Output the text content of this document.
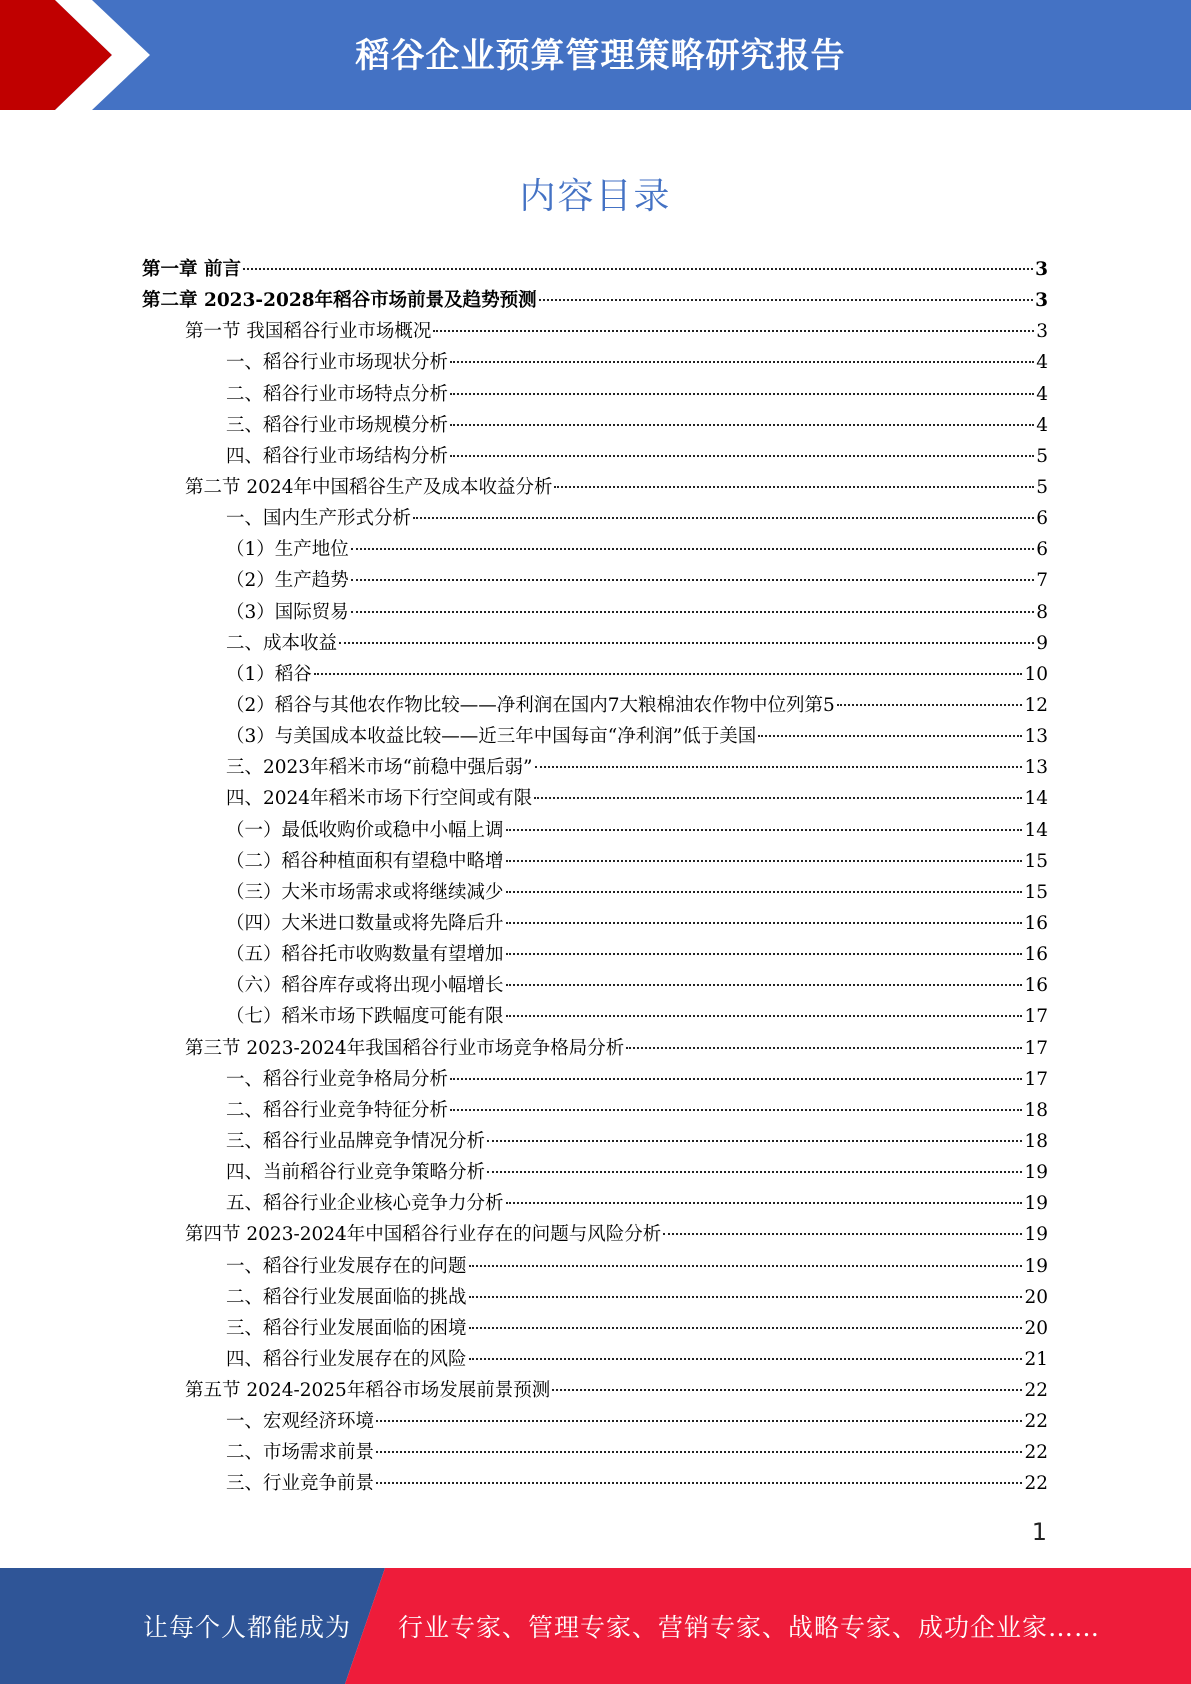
稻谷企业预算管理策略研究报告
内容目录
第一章 前言	3
第二章 2023-2028年稻谷市场前景及趋势预测	3
第一节 我国稻谷行业市场概况	3
一、稻谷行业市场现状分析	4
二、稻谷行业市场特点分析	4
三、稻谷行业市场规模分析	4
四、稻谷行业市场结构分析	5
第二节 2024年中国稻谷生产及成本收益分析	5
一、国内生产形式分析	6
（1）生产地位	6
（2）生产趋势	7
（3）国际贸易	8
二、成本收益	9
（1）稻谷	10
（2）稻谷与其他农作物比较——净利润在国内7大粮棉油农作物中位列第5	12
（3）与美国成本收益比较——近三年中国每亩“净利润”低于美国	13
三、2023年稻米市场“前稳中强后弱”	13
四、2024年稻米市场下行空间或有限	14
（一）最低收购价或稳中小幅上调	14
（二）稻谷种植面积有望稳中略增	15
（三）大米市场需求或将继续减少	15
（四）大米进口数量或将先降后升	16
（五）稻谷托市收购数量有望增加	16
（六）稻谷库存或将出现小幅增长	16
（七）稻米市场下跌幅度可能有限	17
第三节 2023-2024年我国稻谷行业市场竞争格局分析	17
一、稻谷行业竞争格局分析	17
二、稻谷行业竞争特征分析	18
三、稻谷行业品牌竞争情况分析	18
四、当前稻谷行业竞争策略分析	19
五、稻谷行业企业核心竞争力分析	19
第四节 2023-2024年中国稻谷行业存在的问题与风险分析	19
一、稻谷行业发展存在的问题	19
二、稻谷行业发展面临的挑战	20
三、稻谷行业发展面临的困境	20
四、稻谷行业发展存在的风险	21
第五节 2024-2025年稻谷市场发展前景预测	22
一、宏观经济环境	22
二、市场需求前景	22
三、行业竞争前景	22
1
让每个人都能成为 行业专家、管理专家、营销专家、战略专家、成功企业家……
